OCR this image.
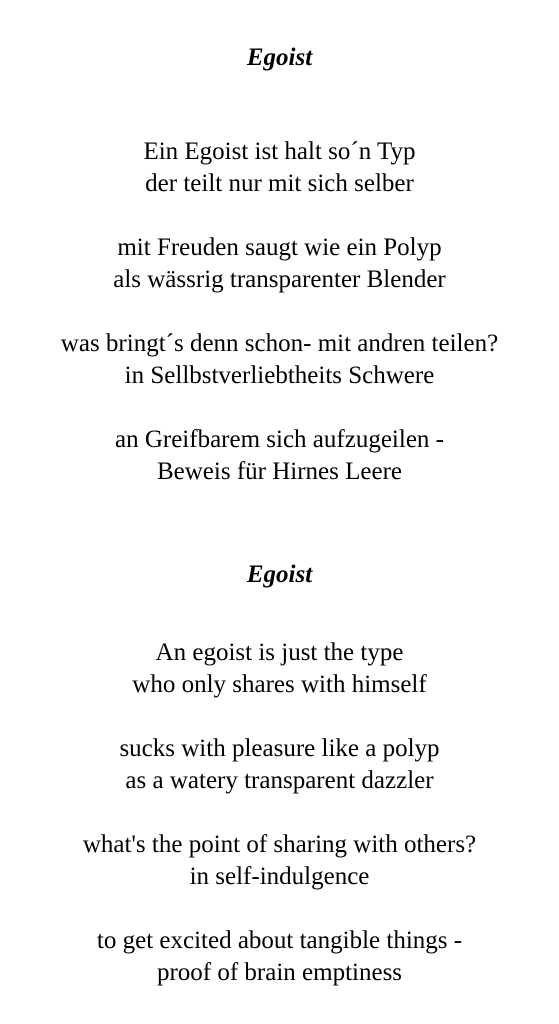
Egoist
Ein Egoist ist halt so´n Typ
der teilt nur mit sich selber
mit Freuden saugt wie ein Polyp
als wässrig transparenter Blender
was bringt´s denn schon- mit andren teilen?
in Sellbstverliebtheits Schwere
an Greifbarem sich aufzugeilen -
Beweis für Hirnes Leere
Egoist
An egoist is just the type
who only shares with himself
sucks with pleasure like a polyp
as a watery transparent dazzler
what's the point of sharing with others?
in self-indulgence
to get excited about tangible things -
proof of brain emptiness
